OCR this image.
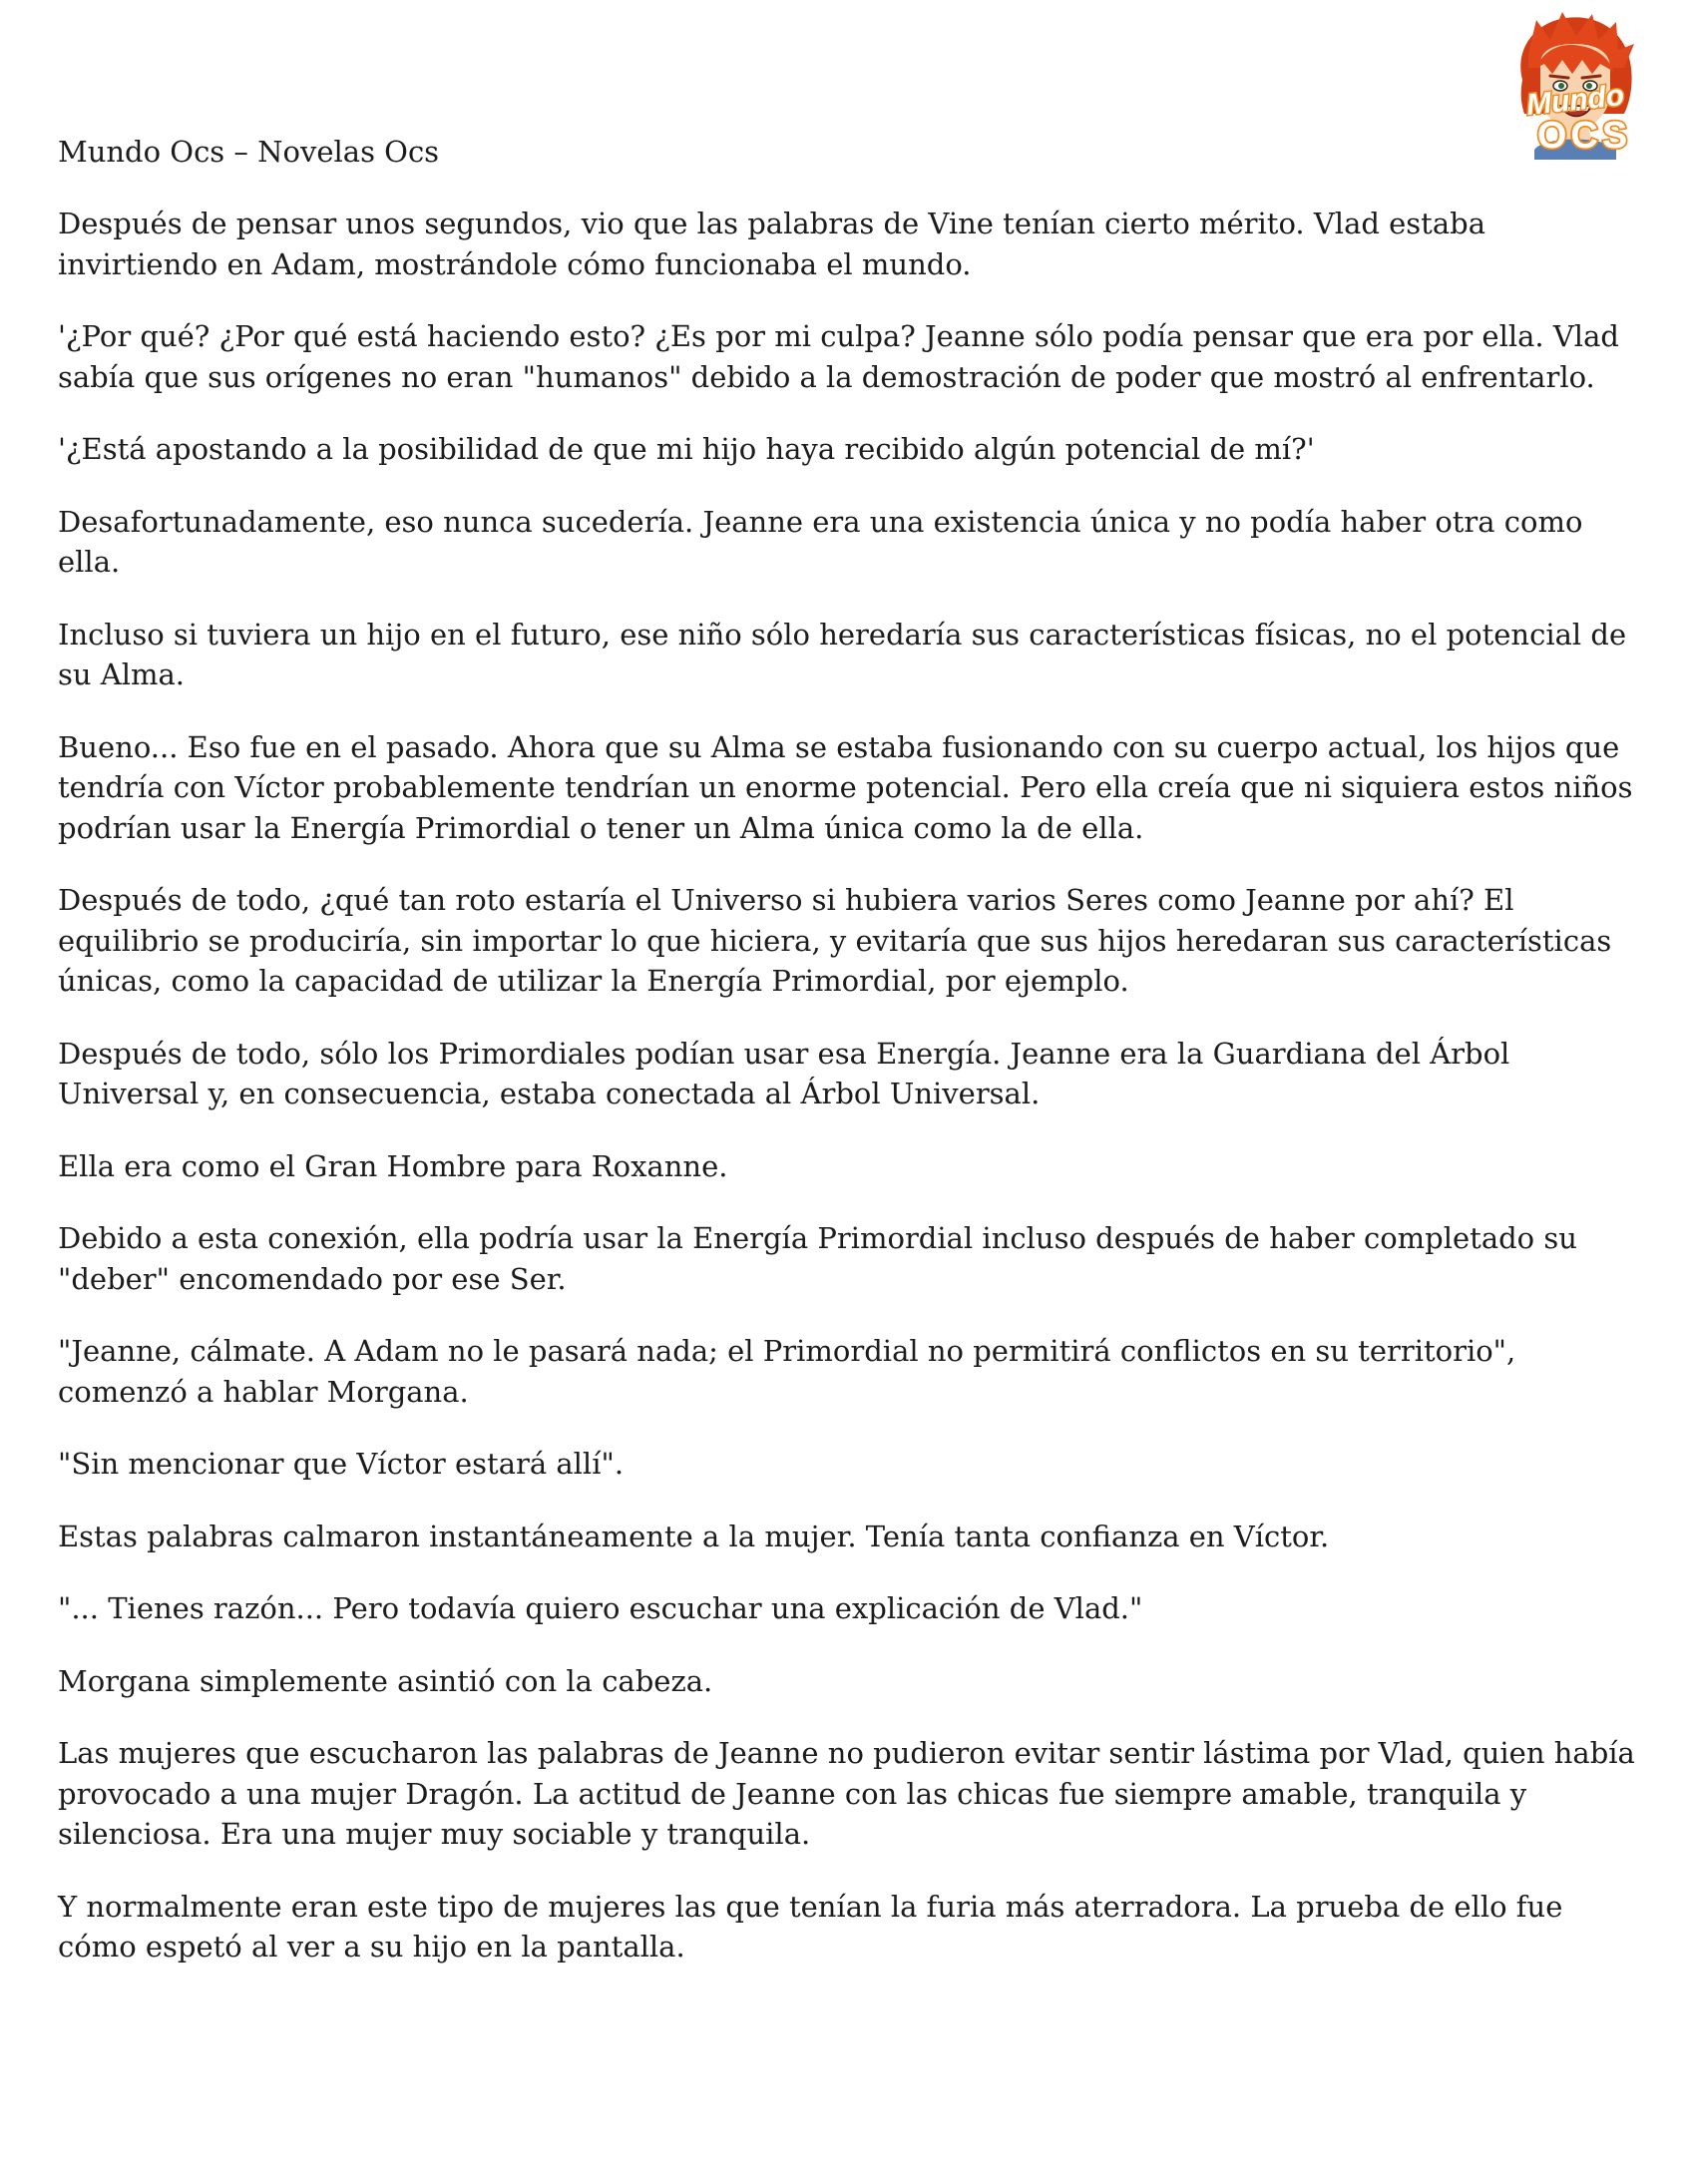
Mundo Ocs – Novelas Ocs
Mundo
OCS

Después de pensar unos segundos, vio que las palabras de Vine tenían cierto mérito. Vlad estaba invirtiendo en Adam, mostrándole cómo funcionaba el mundo.

'¿Por qué? ¿Por qué está haciendo esto? ¿Es por mi culpa? Jeanne sólo podía pensar que era por ella. Vlad sabía que sus orígenes no eran "humanos" debido a la demostración de poder que mostró al enfrentarlo.

'¿Está apostando a la posibilidad de que mi hijo haya recibido algún potencial de mí?'

Desafortunadamente, eso nunca sucedería. Jeanne era una existencia única y no podía haber otra como ella.

Incluso si tuviera un hijo en el futuro, ese niño sólo heredaría sus características físicas, no el potencial de su Alma.

Bueno... Eso fue en el pasado. Ahora que su Alma se estaba fusionando con su cuerpo actual, los hijos que tendría con Víctor probablemente tendrían un enorme potencial. Pero ella creía que ni siquiera estos niños podrían usar la Energía Primordial o tener un Alma única como la de ella.

Después de todo, ¿qué tan roto estaría el Universo si hubiera varios Seres como Jeanne por ahí? El equilibrio se produciría, sin importar lo que hiciera, y evitaría que sus hijos heredaran sus características únicas, como la capacidad de utilizar la Energía Primordial, por ejemplo.

Después de todo, sólo los Primordiales podían usar esa Energía. Jeanne era la Guardiana del Árbol Universal y, en consecuencia, estaba conectada al Árbol Universal.

Ella era como el Gran Hombre para Roxanne.

Debido a esta conexión, ella podría usar la Energía Primordial incluso después de haber completado su "deber" encomendado por ese Ser.

"Jeanne, cálmate. A Adam no le pasará nada; el Primordial no permitirá conflictos en su territorio", comenzó a hablar Morgana.

"Sin mencionar que Víctor estará allí".

Estas palabras calmaron instantáneamente a la mujer. Tenía tanta confianza en Víctor.

"... Tienes razón... Pero todavía quiero escuchar una explicación de Vlad."

Morgana simplemente asintió con la cabeza.

Las mujeres que escucharon las palabras de Jeanne no pudieron evitar sentir lástima por Vlad, quien había provocado a una mujer Dragón. La actitud de Jeanne con las chicas fue siempre amable, tranquila y silenciosa. Era una mujer muy sociable y tranquila.

Y normalmente eran este tipo de mujeres las que tenían la furia más aterradora. La prueba de ello fue cómo espetó al ver a su hijo en la pantalla.
